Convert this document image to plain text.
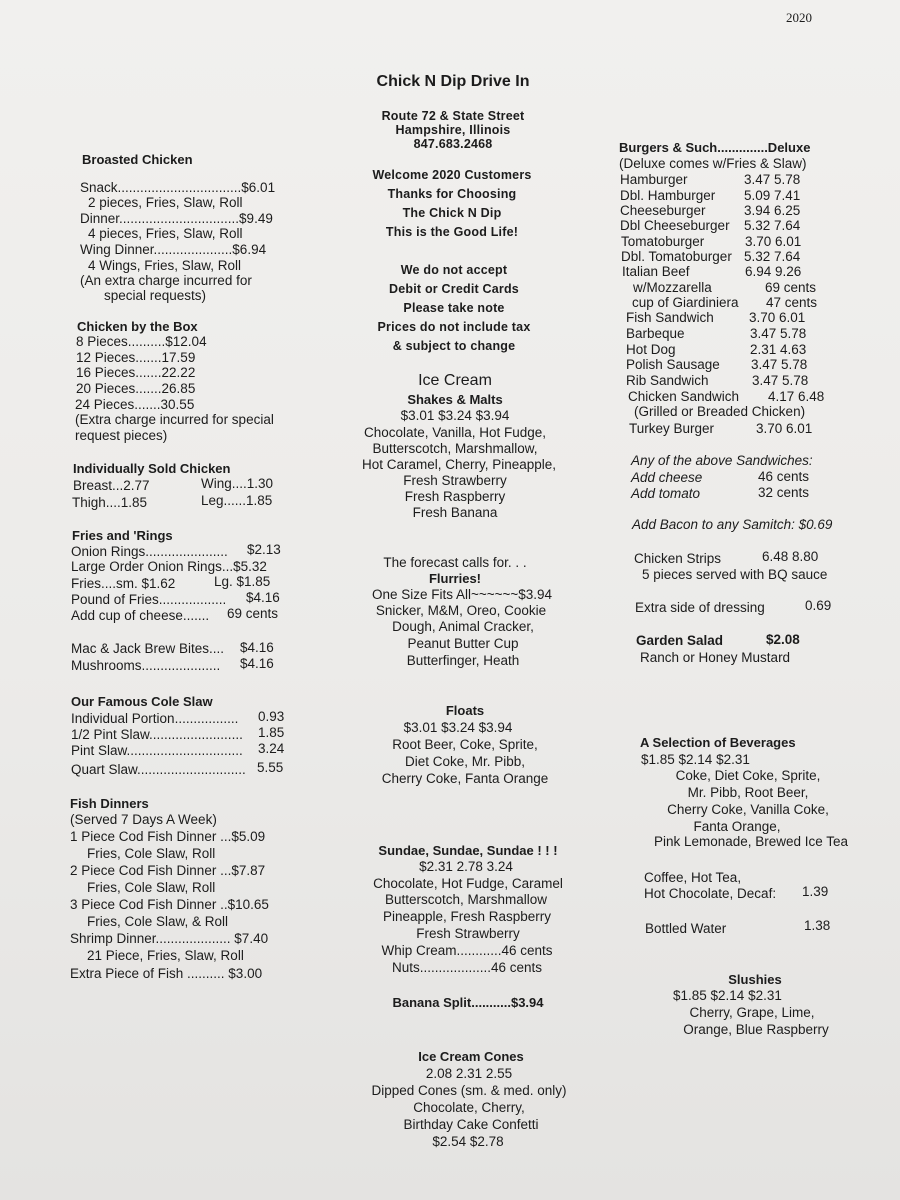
2020
Chick N Dip Drive In
Route 72 & State Street
Hampshire, Illinois
847.683.2468
Welcome 2020 Customers
Thanks for Choosing
The Chick N Dip
This is the Good Life!
We do not accept
Debit or Credit Cards
Please take note
Prices do not include tax
& subject to change
Broasted Chicken
Snack.................................$6.01
2 pieces, Fries, Slaw, Roll
Dinner................................$9.49
4 pieces, Fries, Slaw, Roll
Wing Dinner.....................$6.94
4 Wings, Fries, Slaw, Roll
(An extra charge incurred for
special requests)
Chicken by the Box
8 Pieces..........$12.04
12 Pieces.......17.59
16 Pieces.......22.22
20 Pieces.......26.85
24 Pieces.......30.55
(Extra charge incurred for special
request pieces)
Individually Sold Chicken
Breast...2.77	Wing....1.30
Thigh....1.85	Leg......1.85
Fries and 'Rings
Onion Rings...................... $2.13
Large Order Onion Rings...$5.32
Fries....sm. $1.62	Lg. $1.85
Pound of Fries.................. $4.16
Add cup of cheese....... 69 cents
Mac & Jack Brew Bites.... $4.16
Mushrooms..................... $4.16
Our Famous Cole Slaw
Individual Portion................. 0.93
1/2 Pint Slaw......................... 1.85
Pint Slaw............................... 3.24
Quart Slaw............................. 5.55
Fish Dinners
(Served 7 Days A Week)
1 Piece Cod Fish Dinner ...$5.09
Fries, Cole Slaw, Roll
2 Piece Cod Fish Dinner ...$7.87
Fries, Cole Slaw, Roll
3 Piece Cod Fish Dinner ..$10.65
Fries, Cole Slaw, & Roll
Shrimp Dinner.................... $7.40
21 Piece, Fries, Slaw, Roll
Extra Piece of Fish .......... $3.00
Ice Cream
Shakes & Malts
$3.01 $3.24 $3.94
Chocolate, Vanilla, Hot Fudge,
Butterscotch, Marshmallow,
Hot Caramel, Cherry, Pineapple,
Fresh Strawberry
Fresh Raspberry
Fresh Banana
The forecast calls for. . .
Flurries!
One Size Fits All~~~~~~$3.94
Snicker, M&M, Oreo, Cookie
Dough, Animal Cracker,
Peanut Butter Cup
Butterfinger, Heath
Floats
$3.01 $3.24 $3.94
Root Beer, Coke, Sprite,
Diet Coke, Mr. Pibb,
Cherry Coke, Fanta Orange
Sundae, Sundae, Sundae ! ! !
$2.31 2.78 3.24
Chocolate, Hot Fudge, Caramel
Butterscotch, Marshmallow
Pineapple, Fresh Raspberry
Fresh Strawberry
Whip Cream............46 cents
Nuts...................46 cents
Banana Split...........$3.94
Ice Cream Cones
2.08 2.31 2.55
Dipped Cones (sm. & med. only)
Chocolate, Cherry,
Birthday Cake Confetti
$2.54 $2.78
Burgers & Such..............Deluxe
(Deluxe comes w/Fries & Slaw)
Hamburger	3.47 5.78
Dbl. Hamburger 5.09 7.41
Cheeseburger	3.94 6.25
Dbl Cheeseburger 5.32 7.64
Tomatoburger	3.70 6.01
Dbl. Tomatoburger 5.32 7.64
Italian Beef	6.94 9.26
w/Mozzarella	69 cents
cup of Giardiniera 47 cents
Fish Sandwich	3.70 6.01
Barbeque	3.47 5.78
Hot Dog	2.31 4.63
Polish Sausage 3.47 5.78
Rib Sandwich	3.47 5.78
Chicken Sandwich 4.17 6.48
(Grilled or Breaded Chicken)
Turkey Burger	3.70 6.01
Any of the above Sandwiches:
Add cheese	46 cents
Add tomato	32 cents
Add Bacon to any Samitch: $0.69
Chicken Strips	6.48 8.80
5 pieces served with BQ sauce
Extra side of dressing	0.69
Garden Salad	$2.08
Ranch or Honey Mustard
A Selection of Beverages
$1.85 $2.14 $2.31
Coke, Diet Coke, Sprite,
Mr. Pibb, Root Beer,
Cherry Coke, Vanilla Coke,
Fanta Orange,
Pink Lemonade, Brewed Ice Tea
Coffee, Hot Tea,
Hot Chocolate, Decaf: 1.39
Bottled Water	1.38
Slushies
$1.85 $2.14 $2.31
Cherry, Grape, Lime,
Orange, Blue Raspberry
